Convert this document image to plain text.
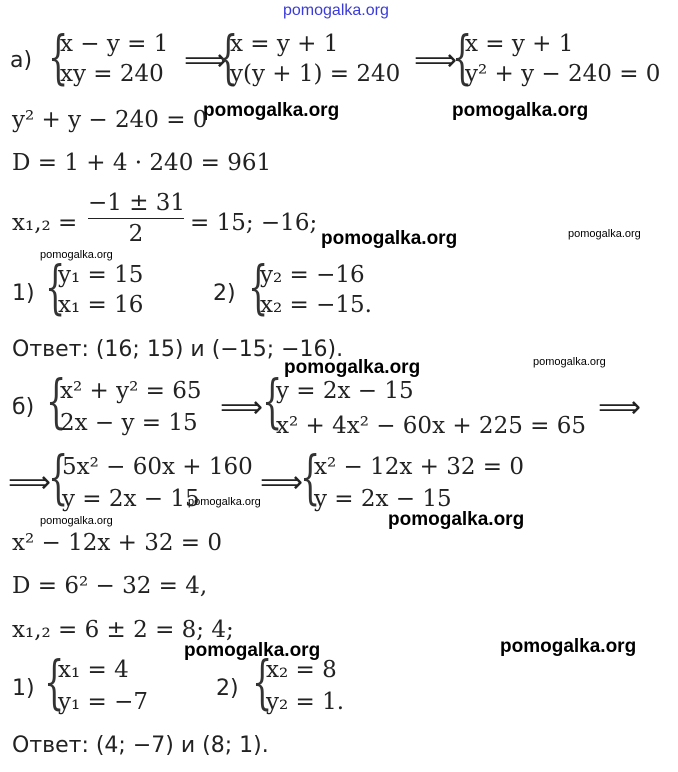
pomogalka.org
pomogalka.org	pomogalka.org
pomogalka.org	pomogalka.org
pomogalka.org
pomogalka.org	pomogalka.org
pomogalka.org
pomogalka.org
pomogalka.org
pomogalka.org	pomogalka.org
а) {
x − y = 1
xy = 240 ⟹
{
x = y + 1
y(y + 1) = 240 ⟹
{
x = y + 1
y² + y − 240 = 0
y² + y − 240 = 0
D = 1 + 4 · 240 = 961
x₁,₂ =
−1 ± 31
2	= 15; −16;
1) {
y₁ = 15
x₁ = 16	2) {
y₂ = −16
x₂ = −15.
Ответ: (16; 15) и (−15; −16).
б) {
x² + y² = 65
2x − y = 15 ⟹
{
y = 2x − 15
x² + 4x² − 60x + 225 = 65
⟹
⟹
{
5x² − 60x + 160
y = 2x − 15 ⟹
{
x² − 12x + 32 = 0
y = 2x − 15
x² − 12x + 32 = 0
D = 6² − 32 = 4,
x₁,₂ = 6 ± 2 = 8; 4;
1) {
x₁ = 4
y₁ = −7
2) {
x₂ = 8
y₂ = 1.
Ответ: (4; −7) и (8; 1).
